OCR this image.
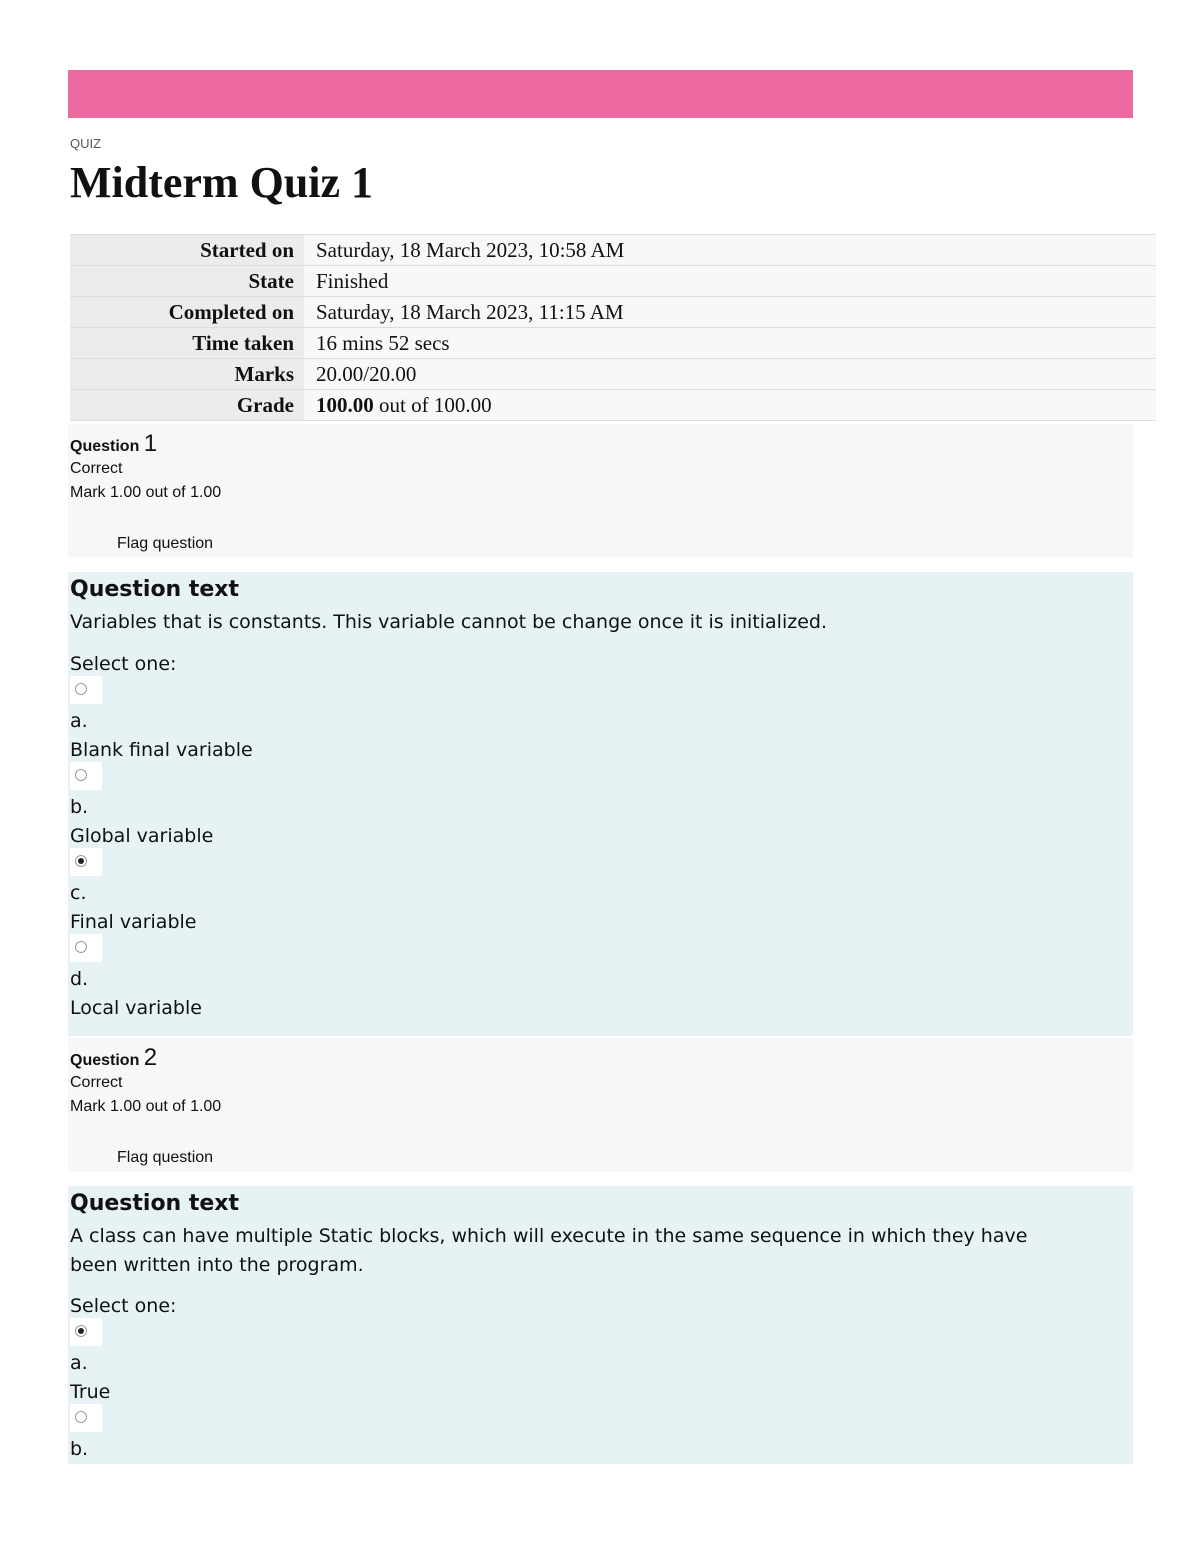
QUIZ
Midterm Quiz 1
Started on	Saturday, 18 March 2023, 10:58 AM
State	Finished
Completed on	Saturday, 18 March 2023, 11:15 AM
Time taken	16 mins 52 secs
Marks	20.00/20.00
Grade	100.00 out of 100.00
Question 1
Correct
Mark 1.00 out of 1.00
Flag question
Question text
Variables that is constants. This variable cannot be change once it is initialized.
Select one:
a.
Blank final variable
b.
Global variable
c.
Final variable
d.
Local variable
Question 2
Correct
Mark 1.00 out of 1.00
Flag question
Question text
A class can have multiple Static blocks, which will execute in the same sequence in which they have been written into the program.
Select one:
a.
True
b.
